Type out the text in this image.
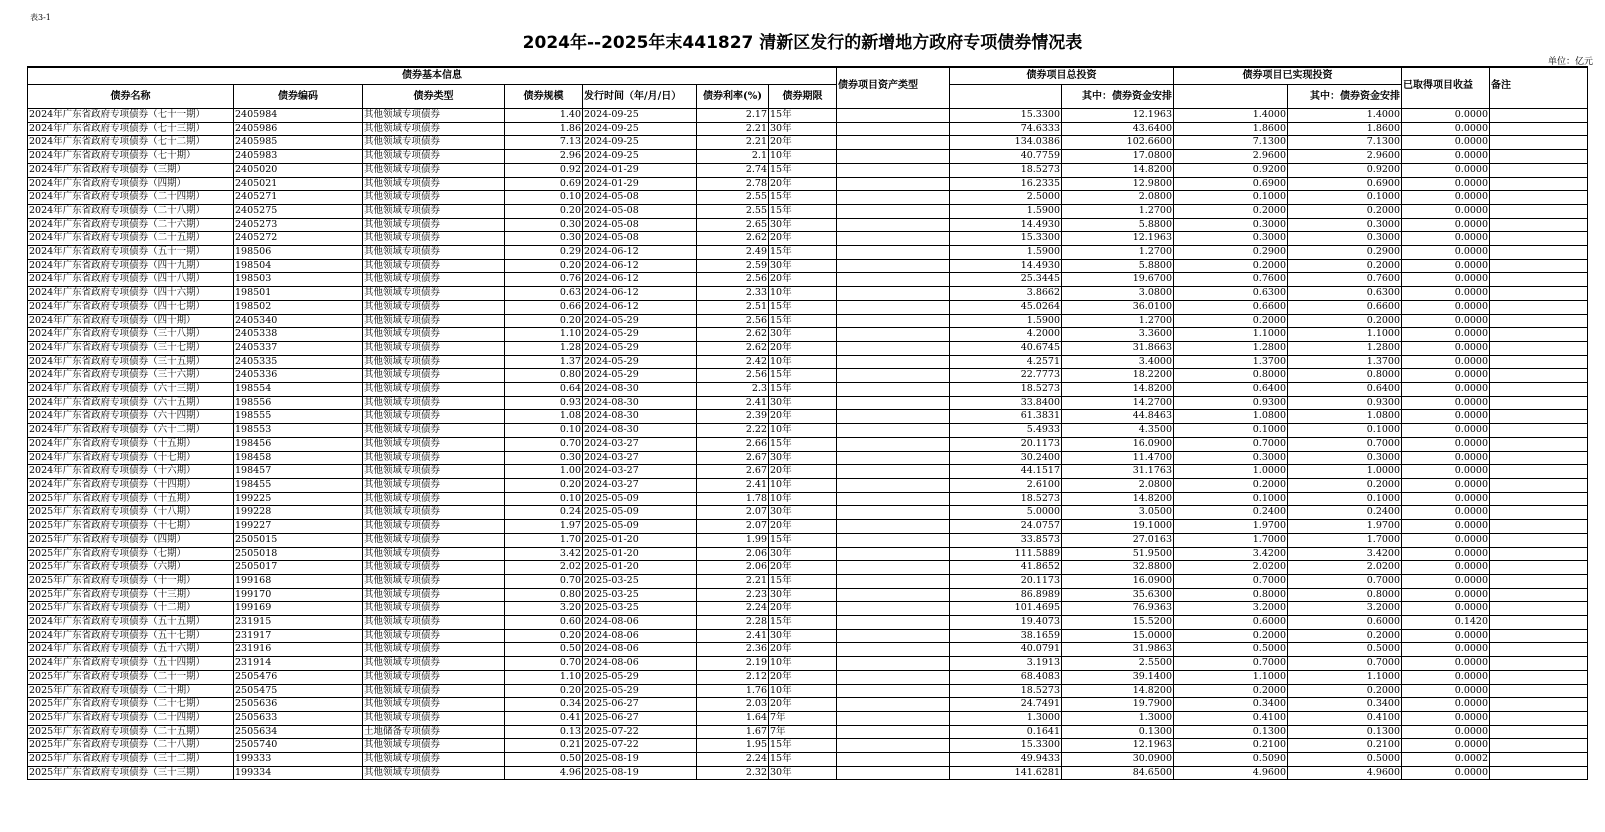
表3-1
2024年--2025年末441827 清新区发行的新增地方政府专项债券情况表
单位：亿元
债券基本信息							债券项目资产类型	债券项目总投资		债券项目已实现投资		已取得项目收益	备注
债券名称	债券编码	债券类型	债券规模	发行时间（年/月/日）	债券利率(%)	债券期限			其中：债券资金安排		其中：债券资金安排		
2024年广东省政府专项债券（七十一期）	2405984	其他领域专项债券	1.40	2024-09-25	2.17	15年		15.3300	12.1963	1.4000	1.4000	0.0000	
2024年广东省政府专项债券（七十三期）	2405986	其他领域专项债券	1.86	2024-09-25	2.21	30年		74.6333	43.6400	1.8600	1.8600	0.0000	
2024年广东省政府专项债券（七十二期）	2405985	其他领域专项债券	7.13	2024-09-25	2.21	20年		134.0386	102.6600	7.1300	7.1300	0.0000	
2024年广东省政府专项债券（七十期）	2405983	其他领域专项债券	2.96	2024-09-25	2.1	10年		40.7759	17.0800	2.9600	2.9600	0.0000	
2024年广东省政府专项债券（三期）	2405020	其他领域专项债券	0.92	2024-01-29	2.74	15年		18.5273	14.8200	0.9200	0.9200	0.0000	
2024年广东省政府专项债券（四期）	2405021	其他领域专项债券	0.69	2024-01-29	2.78	20年		16.2335	12.9800	0.6900	0.6900	0.0000	
2024年广东省政府专项债券（二十四期）	2405271	其他领域专项债券	0.10	2024-05-08	2.55	15年		2.5000	2.0800	0.1000	0.1000	0.0000	
2024年广东省政府专项债券（二十八期）	2405275	其他领域专项债券	0.20	2024-05-08	2.55	15年		1.5900	1.2700	0.2000	0.2000	0.0000	
2024年广东省政府专项债券（二十六期）	2405273	其他领域专项债券	0.30	2024-05-08	2.65	30年		14.4930	5.8800	0.3000	0.3000	0.0000	
2024年广东省政府专项债券（二十五期）	2405272	其他领域专项债券	0.30	2024-05-08	2.62	20年		15.3300	12.1963	0.3000	0.3000	0.0000	
2024年广东省政府专项债券（五十一期）	198506	其他领域专项债券	0.29	2024-06-12	2.49	15年		1.5900	1.2700	0.2900	0.2900	0.0000	
2024年广东省政府专项债券（四十九期）	198504	其他领域专项债券	0.20	2024-06-12	2.59	30年		14.4930	5.8800	0.2000	0.2000	0.0000	
2024年广东省政府专项债券（四十八期）	198503	其他领域专项债券	0.76	2024-06-12	2.56	20年		25.3445	19.6700	0.7600	0.7600	0.0000	
2024年广东省政府专项债券（四十六期）	198501	其他领域专项债券	0.63	2024-06-12	2.33	10年		3.8662	3.0800	0.6300	0.6300	0.0000	
2024年广东省政府专项债券（四十七期）	198502	其他领域专项债券	0.66	2024-06-12	2.51	15年		45.0264	36.0100	0.6600	0.6600	0.0000	
2024年广东省政府专项债券（四十期）	2405340	其他领域专项债券	0.20	2024-05-29	2.56	15年		1.5900	1.2700	0.2000	0.2000	0.0000	
2024年广东省政府专项债券（三十八期）	2405338	其他领域专项债券	1.10	2024-05-29	2.62	30年		4.2000	3.3600	1.1000	1.1000	0.0000	
2024年广东省政府专项债券（三十七期）	2405337	其他领域专项债券	1.28	2024-05-29	2.62	20年		40.6745	31.8663	1.2800	1.2800	0.0000	
2024年广东省政府专项债券（三十五期）	2405335	其他领域专项债券	1.37	2024-05-29	2.42	10年		4.2571	3.4000	1.3700	1.3700	0.0000	
2024年广东省政府专项债券（三十六期）	2405336	其他领域专项债券	0.80	2024-05-29	2.56	15年		22.7773	18.2200	0.8000	0.8000	0.0000	
2024年广东省政府专项债券（六十三期）	198554	其他领域专项债券	0.64	2024-08-30	2.3	15年		18.5273	14.8200	0.6400	0.6400	0.0000	
2024年广东省政府专项债券（六十五期）	198556	其他领域专项债券	0.93	2024-08-30	2.41	30年		33.8400	14.2700	0.9300	0.9300	0.0000	
2024年广东省政府专项债券（六十四期）	198555	其他领域专项债券	1.08	2024-08-30	2.39	20年		61.3831	44.8463	1.0800	1.0800	0.0000	
2024年广东省政府专项债券（六十二期）	198553	其他领域专项债券	0.10	2024-08-30	2.22	10年		5.4933	4.3500	0.1000	0.1000	0.0000	
2024年广东省政府专项债券（十五期）	198456	其他领域专项债券	0.70	2024-03-27	2.66	15年		20.1173	16.0900	0.7000	0.7000	0.0000	
2024年广东省政府专项债券（十七期）	198458	其他领域专项债券	0.30	2024-03-27	2.67	30年		30.2400	11.4700	0.3000	0.3000	0.0000	
2024年广东省政府专项债券（十六期）	198457	其他领域专项债券	1.00	2024-03-27	2.67	20年		44.1517	31.1763	1.0000	1.0000	0.0000	
2024年广东省政府专项债券（十四期）	198455	其他领域专项债券	0.20	2024-03-27	2.41	10年		2.6100	2.0800	0.2000	0.2000	0.0000	
2025年广东省政府专项债券（十五期）	199225	其他领域专项债券	0.10	2025-05-09	1.78	10年		18.5273	14.8200	0.1000	0.1000	0.0000	
2025年广东省政府专项债券（十八期）	199228	其他领域专项债券	0.24	2025-05-09	2.07	30年		5.0000	3.0500	0.2400	0.2400	0.0000	
2025年广东省政府专项债券（十七期）	199227	其他领域专项债券	1.97	2025-05-09	2.07	20年		24.0757	19.1000	1.9700	1.9700	0.0000	
2025年广东省政府专项债券（四期）	2505015	其他领域专项债券	1.70	2025-01-20	1.99	15年		33.8573	27.0163	1.7000	1.7000	0.0000	
2025年广东省政府专项债券（七期）	2505018	其他领域专项债券	3.42	2025-01-20	2.06	30年		111.5889	51.9500	3.4200	3.4200	0.0000	
2025年广东省政府专项债券（六期）	2505017	其他领域专项债券	2.02	2025-01-20	2.06	20年		41.8652	32.8800	2.0200	2.0200	0.0000	
2025年广东省政府专项债券（十一期）	199168	其他领域专项债券	0.70	2025-03-25	2.21	15年		20.1173	16.0900	0.7000	0.7000	0.0000	
2025年广东省政府专项债券（十三期）	199170	其他领域专项债券	0.80	2025-03-25	2.23	30年		86.8989	35.6300	0.8000	0.8000	0.0000	
2025年广东省政府专项债券（十二期）	199169	其他领域专项债券	3.20	2025-03-25	2.24	20年		101.4695	76.9363	3.2000	3.2000	0.0000	
2024年广东省政府专项债券（五十五期）	231915	其他领域专项债券	0.60	2024-08-06	2.28	15年		19.4073	15.5200	0.6000	0.6000	0.1420	
2024年广东省政府专项债券（五十七期）	231917	其他领域专项债券	0.20	2024-08-06	2.41	30年		38.1659	15.0000	0.2000	0.2000	0.0000	
2024年广东省政府专项债券（五十六期）	231916	其他领域专项债券	0.50	2024-08-06	2.36	20年		40.0791	31.9863	0.5000	0.5000	0.0000	
2024年广东省政府专项债券（五十四期）	231914	其他领域专项债券	0.70	2024-08-06	2.19	10年		3.1913	2.5500	0.7000	0.7000	0.0000	
2025年广东省政府专项债券（二十一期）	2505476	其他领域专项债券	1.10	2025-05-29	2.12	20年		68.4083	39.1400	1.1000	1.1000	0.0000	
2025年广东省政府专项债券（二十期）	2505475	其他领域专项债券	0.20	2025-05-29	1.76	10年		18.5273	14.8200	0.2000	0.2000	0.0000	
2025年广东省政府专项债券（二十七期）	2505636	其他领域专项债券	0.34	2025-06-27	2.03	20年		24.7491	19.7900	0.3400	0.3400	0.0000	
2025年广东省政府专项债券（二十四期）	2505633	其他领域专项债券	0.41	2025-06-27	1.64	7年		1.3000	1.3000	0.4100	0.4100	0.0000	
2025年广东省政府专项债券（二十五期）	2505634	土地储备专项债券	0.13	2025-07-22	1.67	7年		0.1641	0.1300	0.1300	0.1300	0.0000	
2025年广东省政府专项债券（二十八期）	2505740	其他领域专项债券	0.21	2025-07-22	1.95	15年		15.3300	12.1963	0.2100	0.2100	0.0000	
2025年广东省政府专项债券（三十二期）	199333	其他领域专项债券	0.50	2025-08-19	2.24	15年		49.9433	30.0900	0.5090	0.5000	0.0002	
2025年广东省政府专项债券（三十三期）	199334	其他领域专项债券	4.96	2025-08-19	2.32	30年		141.6281	84.6500	4.9600	4.9600	0.0000	
